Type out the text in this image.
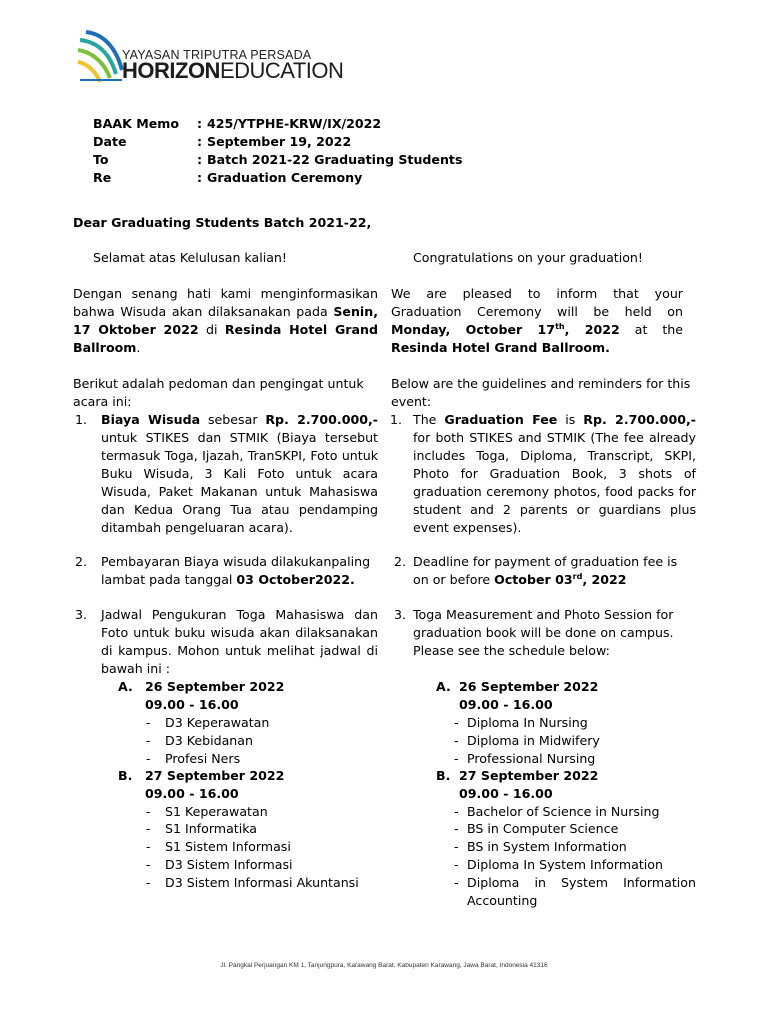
YAYASAN TRIPUTRA PERSADA
HORIZONEDUCATION
BAAK Memo : 425/YTPHE-KRW/IX/2022
Date	: September 19, 2022
To	: Batch 2021-22 Graduating Students
Re	: Graduation Ceremony
Dear Graduating Students Batch 2021-22,
Selamat atas Kelulusan kalian!	Congratulations on your graduation!

Dengan senang hati kami menginformasikan bahwa Wisuda akan dilaksanakan pada Senin, 17 Oktober 2022 di Resinda Hotel Grand Ballroom.

We are pleased to inform that your Graduation Ceremony will be held on Monday, October 17th, 2022 at the Resinda Hotel Grand Ballroom.

Berikut adalah pedoman dan pengingat untuk acara ini:

Below are the guidelines and reminders for this event:

1. Biaya Wisuda sebesar Rp. 2.700.000,- untuk STIKES dan STMIK (Biaya tersebut termasuk Toga, Ijazah, TranSKPI, Foto untuk Buku Wisuda, 3 Kali Foto untuk acara Wisuda, Paket Makanan untuk Mahasiswa dan Kedua Orang Tua atau pendamping ditambah pengeluaran acara).

1. The Graduation Fee is Rp. 2.700.000,- for both STIKES and STMIK (The fee already includes Toga, Diploma, Transcript, SKPI, Photo for Graduation Book, 3 shots of graduation ceremony photos, food packs for student and 2 parents or guardians plus event expenses).

2. Pembayaran Biaya wisuda dilakukanpaling lambat pada tanggal 03 October2022.

2. Deadline for payment of graduation fee is on or before October 03rd, 2022

3. Jadwal Pengukuran Toga Mahasiswa dan Foto untuk buku wisuda akan dilaksanakan di kampus. Mohon untuk melihat jadwal di bawah ini :

3. Toga Measurement and Photo Session for graduation book will be done on campus. Please see the schedule below:

A. 26 September 2022
09.00 - 16.00
- D3 Keperawatan
- D3 Kebidanan
- Profesi Ners
B. 27 September 2022
09.00 - 16.00
- S1 Keperawatan
- S1 Informatika
- S1 Sistem Informasi
- D3 Sistem Informasi
- D3 Sistem Informasi Akuntansi
A. 26 September 2022
09.00 - 16.00
- Diploma In Nursing
- Diploma in Midwifery
- Professional Nursing
B. 27 September 2022
09.00 - 16.00
- Bachelor of Science in Nursing
- BS in Computer Science
- BS in System Information
- Diploma In System Information
- Diploma in System Information Accounting

Jl. Pangkal Perjuangan KM 1, Tanjungpura, Karawang Barat, Kabupaten Karawang, Jawa Barat, Indonesia 41316
